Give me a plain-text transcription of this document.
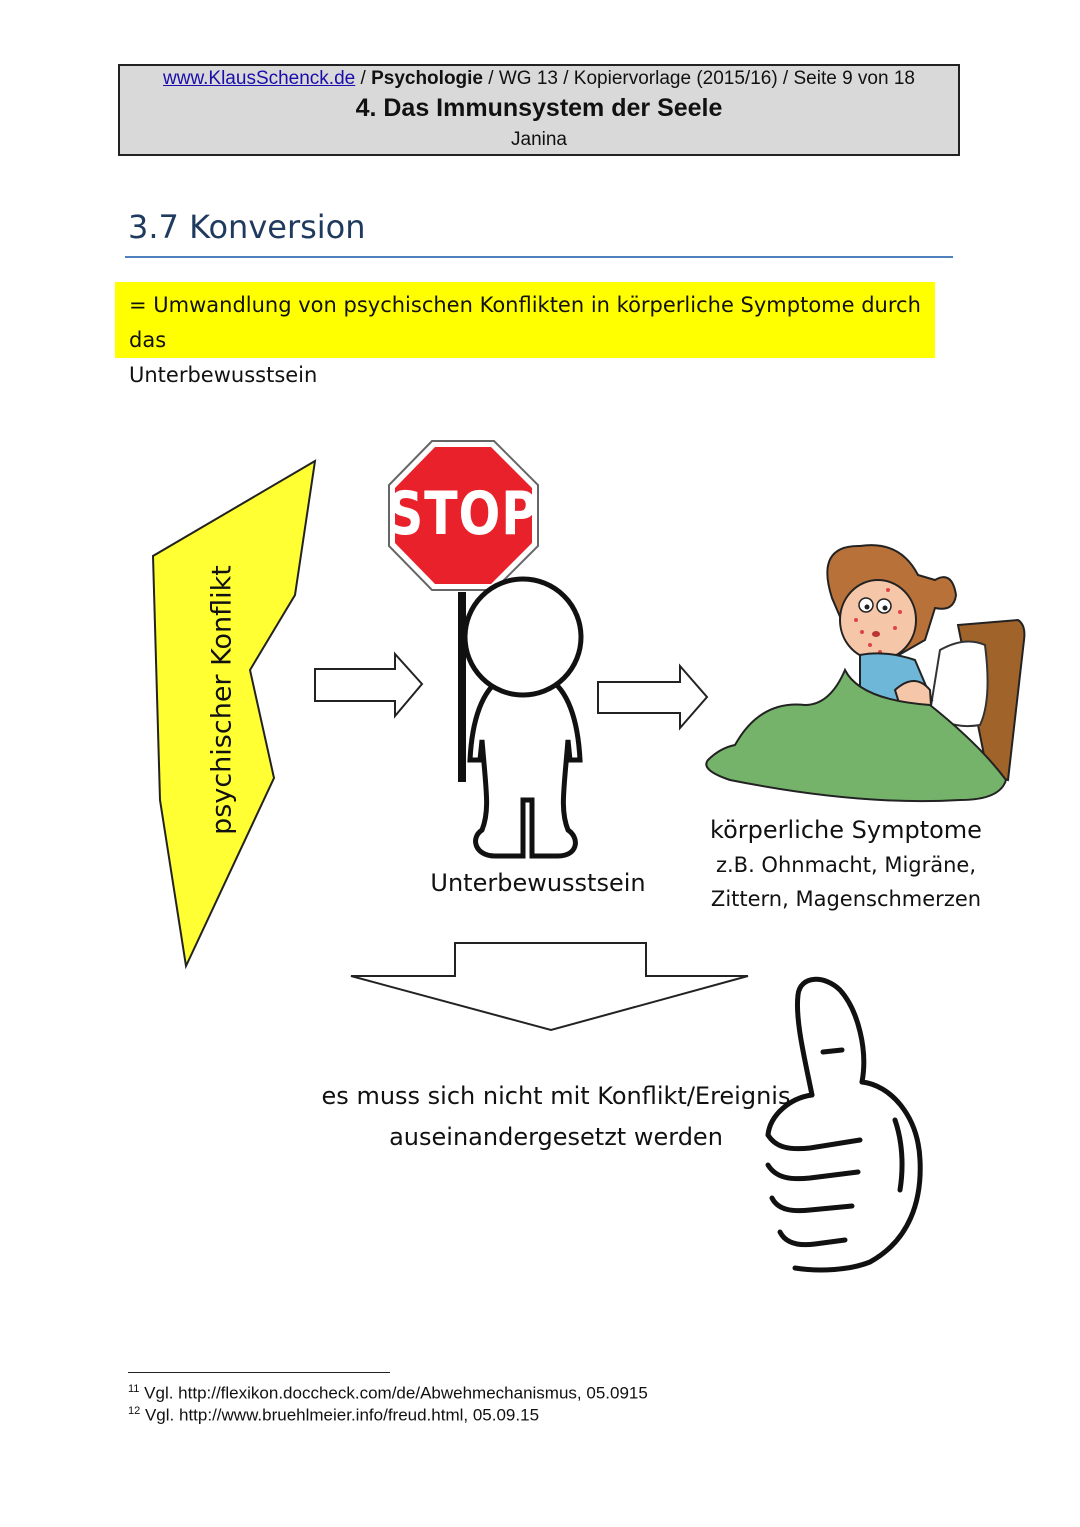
www.KlausSchenck.de / Psychologie / WG 13 / Kopiervorlage (2015/16) / Seite 9 von 18
4. Das Immunsystem der Seele
Janina
3.7 Konversion
= Umwandlung von psychischen Konflikten in körperliche Symptome durch das
Unterbewusstsein
psychischer Konflikt
STOP
Unterbewusstsein
körperliche Symptome
z.B. Ohnmacht, Migräne,
Zittern, Magenschmerzen
es muss sich nicht mit Konflikt/Ereignis
auseinandergesetzt werden
$^{11}$ Vgl. http://flexikon.doccheck.com/de/Abwehmechanismus, 05.0915
$^{12}$ Vgl. http://www.bruehlmeier.info/freud.html, 05.09.15
